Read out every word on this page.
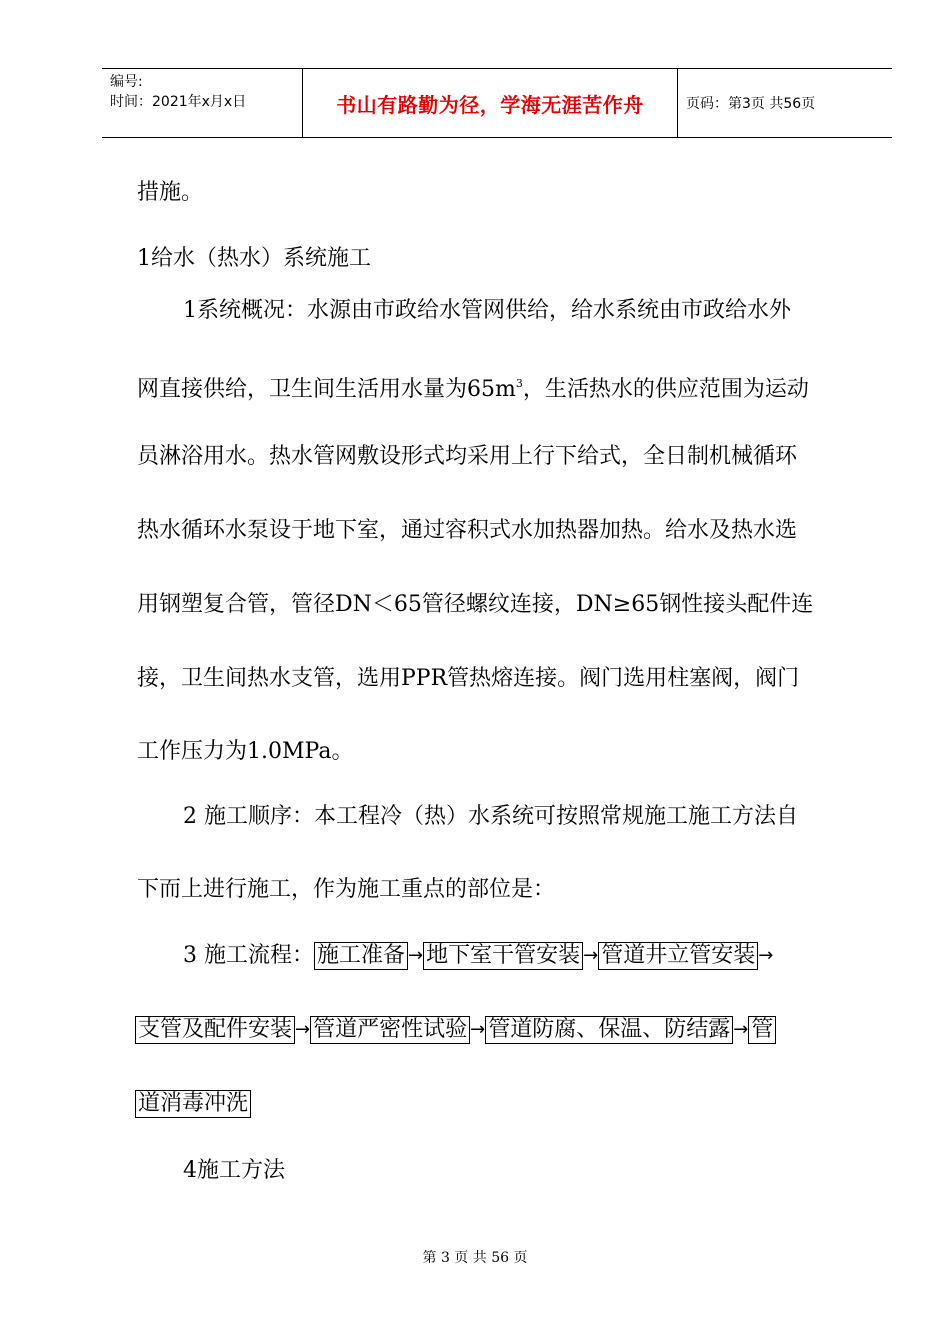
编号:
时间：2021年x月x日	书山有路勤为径，学海无涯苦作舟	页码：第3页 共56页
措施。
1给水（热水）系统施工
1系统概况：水源由市政给水管网供给，给水系统由市政给水外
网直接供给，卫生间生活用水量为$65m^3$，生活热水的供应范围为运动
员淋浴用水。热水管网敷设形式均采用上行下给式，全日制机械循环
热水循环水泵设于地下室，通过容积式水加热器加热。给水及热水选
用钢塑复合管，管径DN＜65管径螺纹连接，DN≥65钢性接头配件连
接，卫生间热水支管，选用PPR管热熔连接。阀门选用柱塞阀，阀门
工作压力为1.0MPa。
2 施工顺序：本工程冷（热）水系统可按照常规施工施工方法自
下而上进行施工，作为施工重点的部位是：
3 施工流程： 施工准备 → 地下室干管安装 → 管道井立管安装 →
支管及配件安装 → 管道严密性试验 → 管道防腐、保温、防结露 → 管
道消毒冲洗
4施工方法
第 3 页 共 56 页
